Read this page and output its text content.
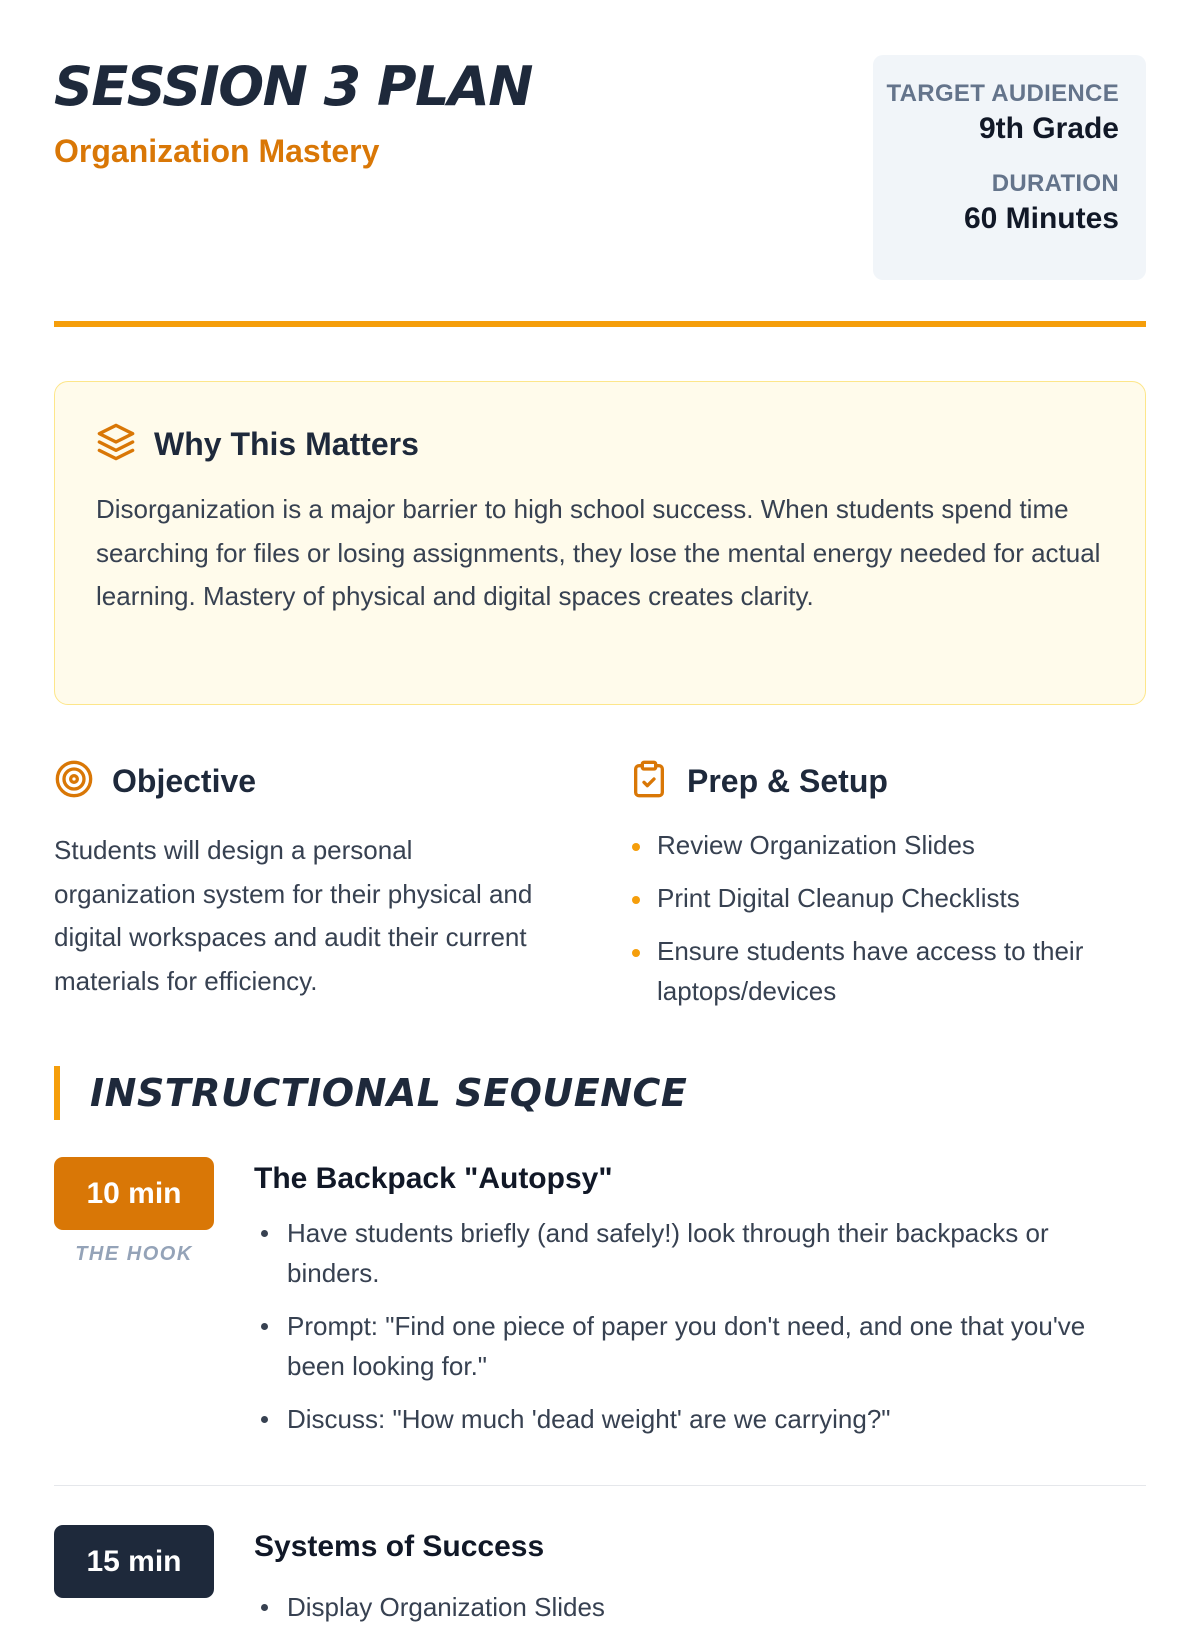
SESSION 3 PLAN
Organization Mastery
TARGET AUDIENCE
9th Grade
DURATION
60 Minutes
Why This Matters
Disorganization is a major barrier to high school success. When students spend time searching for files or losing assignments, they lose the mental energy needed for actual learning. Mastery of physical and digital spaces creates clarity.
Objective
Students will design a personal organization system for their physical and digital workspaces and audit their current materials for efficiency.
Prep & Setup
Review Organization Slides
Print Digital Cleanup Checklists
Ensure students have access to their laptops/devices
INSTRUCTIONAL SEQUENCE
10 min
THE HOOK
The Backpack "Autopsy"
Have students briefly (and safely!) look through their backpacks or binders.
Prompt: "Find one piece of paper you don't need, and one that you've been looking for."
Discuss: "How much 'dead weight' are we carrying?"
15 min	Systems of Success
Display Organization Slides
